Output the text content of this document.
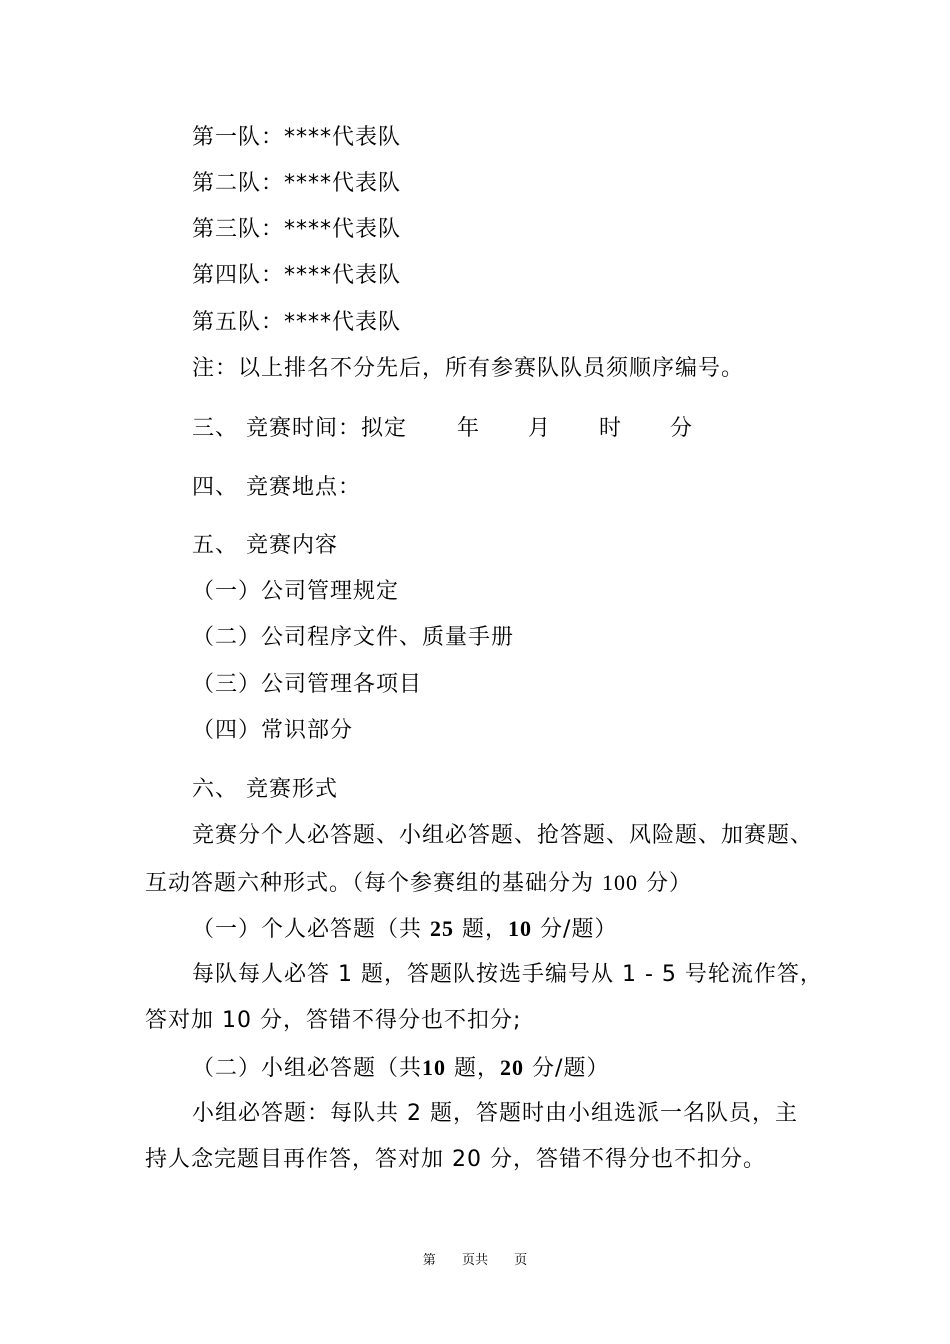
第一队：****代表队
第二队：****代表队
第三队：****代表队
第四队：****代表队
第五队：****代表队
注：以上排名不分先后，所有参赛队队员须顺序编号。
三、 竞赛时间：拟定 年 月 时 分
四、 竞赛地点：
五、 竞赛内容
（一）公司管理规定
（二）公司程序文件、质量手册
（三）公司管理各项目
（四）常识部分
六、 竞赛形式
竞赛分个人必答题、小组必答题、抢答题、风险题、加赛题、
互动答题六种形式。（每个参赛组的基础分为 100 分）
（一）个人必答题（共 25 题，10 分/题）
每队每人必答 1 题，答题队按选手编号从 1 - 5 号轮流作答，
答对加 10 分，答错不得分也不扣分;
（二）小组必答题（共10 题，20 分/题）
小组必答题：每队共 2 题，答题时由小组选派一名队员，主
持人念完题目再作答，答对加 20 分，答错不得分也不扣分。
第 页共 页
